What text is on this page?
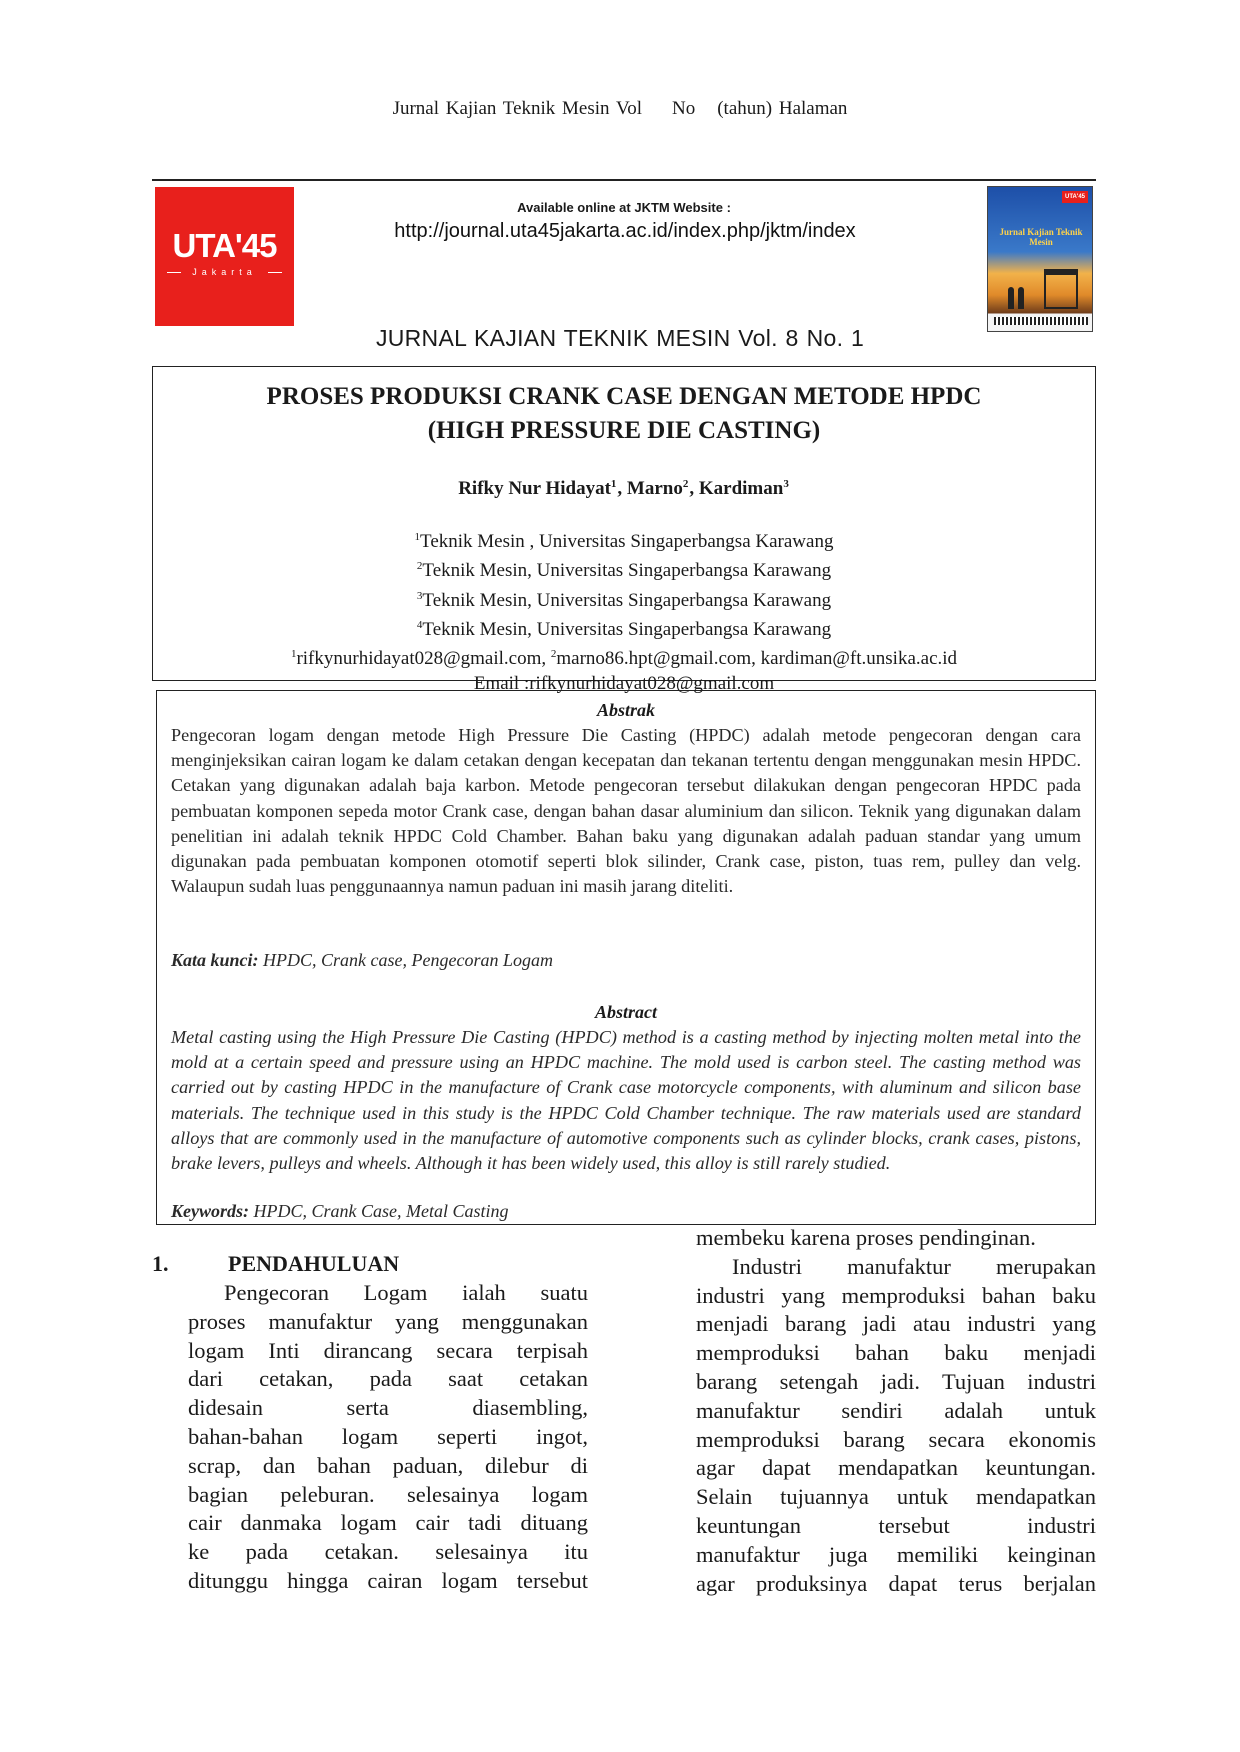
Jurnal Kajian Teknik Mesin Vol No (tahun) Halaman
UTA'45
Jakarta
Available online at JKTM Website :
http://journal.uta45jakarta.ac.id/index.php/jktm/index
UTA'45
Jurnal Kajian Teknik Mesin
JURNAL KAJIAN TEKNIK MESIN Vol. 8 No. 1
PROSES PRODUKSI CRANK CASE DENGAN METODE HPDC
(HIGH PRESSURE DIE CASTING)
Rifky Nur Hidayat$^1$, Marno$^2$, Kardiman$^3$
$^1$Teknik Mesin , Universitas Singaperbangsa Karawang
$^2$Teknik Mesin, Universitas Singaperbangsa Karawang
$^3$Teknik Mesin, Universitas Singaperbangsa Karawang
$^4$Teknik Mesin, Universitas Singaperbangsa Karawang
$^1$rifkynurhidayat028@gmail.com, $^2$marno86.hpt@gmail.com, kardiman@ft.unsika.ac.id
Email :rifkynurhidayat028@gmail.com
Abstrak

Pengecoran logam dengan metode High Pressure Die Casting (HPDC) adalah metode pengecoran dengan cara menginjeksikan cairan logam ke dalam cetakan dengan kecepatan dan tekanan tertentu dengan menggunakan mesin HPDC. Cetakan yang digunakan adalah baja karbon. Metode pengecoran tersebut dilakukan dengan pengecoran HPDC pada pembuatan komponen sepeda motor Crank case, dengan bahan dasar aluminium dan silicon. Teknik yang digunakan dalam penelitian ini adalah teknik HPDC Cold Chamber. Bahan baku yang digunakan adalah paduan standar yang umum digunakan pada pembuatan komponen otomotif seperti blok silinder, Crank case, piston, tuas rem, pulley dan velg. Walaupun sudah luas penggunaannya namun paduan ini masih jarang diteliti.

Kata kunci: HPDC, Crank case, Pengecoran Logam
Abstract

Metal casting using the High Pressure Die Casting (HPDC) method is a casting method by injecting molten metal into the mold at a certain speed and pressure using an HPDC machine. The mold used is carbon steel. The casting method was carried out by casting HPDC in the manufacture of Crank case motorcycle components, with aluminum and silicon base materials. The technique used in this study is the HPDC Cold Chamber technique. The raw materials used are standard alloys that are commonly used in the manufacture of automotive components such as cylinder blocks, crank cases, pistons, brake levers, pulleys and wheels. Although it has been widely used, this alloy is still rarely studied.

Keywords: HPDC, Crank Case, Metal Casting
1.	PENDAHULUAN
Pengecoran Logam ialah suatu
proses manufaktur yang menggunakan
logam Inti dirancang secara terpisah
dari cetakan, pada saat cetakan
didesain serta diasembling,
bahan-bahan logam seperti ingot,
scrap, dan bahan paduan, dilebur di
bagian peleburan. selesainya logam
cair danmaka logam cair tadi dituang
ke pada cetakan. selesainya itu
ditunggu hingga cairan logam tersebut
membeku karena proses pendinginan.
Industri manufaktur merupakan
industri yang memproduksi bahan baku
menjadi barang jadi atau industri yang
memproduksi bahan baku menjadi
barang setengah jadi. Tujuan industri
manufaktur sendiri adalah untuk
memproduksi barang secara ekonomis
agar dapat mendapatkan keuntungan.
Selain tujuannya untuk mendapatkan
keuntungan tersebut industri
manufaktur juga memiliki keinginan
agar produksinya dapat terus berjalan
